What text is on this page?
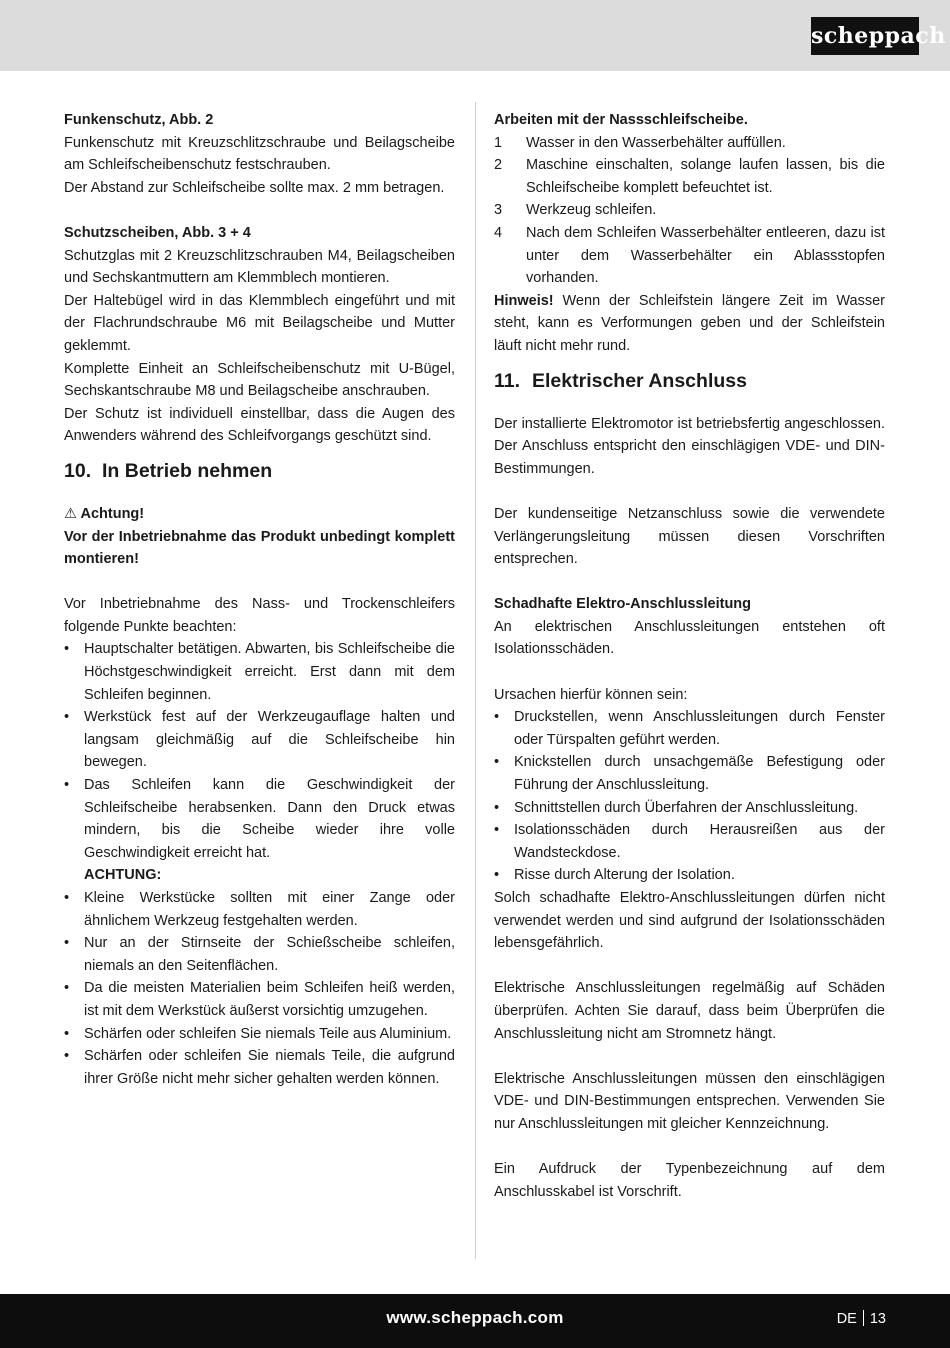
scheppach

Funkenschutz, Abb. 2

Funkenschutz mit Kreuzschlitzschraube und Beilagscheibe am Schleifscheibenschutz festschrauben.

Der Abstand zur Schleifscheibe sollte max. 2 mm betragen.

Schutzscheiben, Abb. 3 + 4

Schutzglas mit 2 Kreuzschlitzschrauben M4, Beilagscheiben und Sechskantmuttern am Klemmblech montieren.

Der Haltebügel wird in das Klemmblech eingeführt und mit der Flachrundschraube M6 mit Beilagscheibe und Mutter geklemmt.

Komplette Einheit an Schleifscheibenschutz mit U-Bügel, Sechskantschraube M8 und Beilagscheibe anschrauben.

Der Schutz ist individuell einstellbar, dass die Augen des Anwenders während des Schleifvorgangs geschützt sind.

10. In Betrieb nehmen

⚠ Achtung!

Vor der Inbetriebnahme das Produkt unbedingt komplett montieren!

Vor Inbetriebnahme des Nass- und Trockenschleifers folgende Punkte beachten:

• Hauptschalter betätigen. Abwarten, bis Schleifscheibe die Höchstgeschwindigkeit erreicht. Erst dann mit dem Schleifen beginnen.
• Werkstück fest auf der Werkzeugauflage halten und langsam gleichmäßig auf die Schleifscheibe hin bewegen.
• Das Schleifen kann die Geschwindigkeit der Schleifscheibe herabsenken. Dann den Druck etwas mindern, bis die Scheibe wieder ihre volle Geschwindigkeit erreicht hat.

ACHTUNG:

• Kleine Werkstücke sollten mit einer Zange oder ähnlichem Werkzeug festgehalten werden.
• Nur an der Stirnseite der Schießscheibe schleifen, niemals an den Seitenflächen.
• Da die meisten Materialien beim Schleifen heiß werden, ist mit dem Werkstück äußerst vorsichtig umzugehen.
• Schärfen oder schleifen Sie niemals Teile aus Aluminium.
• Schärfen oder schleifen Sie niemals Teile, die aufgrund ihrer Größe nicht mehr sicher gehalten werden können.

Arbeiten mit der Nassschleifscheibe.

1	Wasser in den Wasserbehälter auffüllen.
2	Maschine einschalten, solange laufen lassen, bis die Schleifscheibe komplett befeuchtet ist.
3	Werkzeug schleifen.
4	Nach dem Schleifen Wasserbehälter entleeren, dazu ist unter dem Wasserbehälter ein Ablassstopfen vorhanden.

Hinweis! Wenn der Schleifstein längere Zeit im Wasser steht, kann es Verformungen geben und der Schleifstein läuft nicht mehr rund.

11. Elektrischer Anschluss

Der installierte Elektromotor ist betriebsfertig angeschlossen. Der Anschluss entspricht den einschlägigen VDE- und DIN-Bestimmungen.

Der kundenseitige Netzanschluss sowie die verwendete Verlängerungsleitung müssen diesen Vorschriften entsprechen.

Schadhafte Elektro-Anschlussleitung

An elektrischen Anschlussleitungen entstehen oft Isolationsschäden.

Ursachen hierfür können sein:

• Druckstellen, wenn Anschlussleitungen durch Fenster oder Türspalten geführt werden.
• Knickstellen durch unsachgemäße Befestigung oder Führung der Anschlussleitung.
• Schnittstellen durch Überfahren der Anschlussleitung.
• Isolationsschäden durch Herausreißen aus der Wandsteckdose.
• Risse durch Alterung der Isolation.

Solch schadhafte Elektro-Anschlussleitungen dürfen nicht verwendet werden und sind aufgrund der Isolationsschäden lebensgefährlich.

Elektrische Anschlussleitungen regelmäßig auf Schäden überprüfen. Achten Sie darauf, dass beim Überprüfen die Anschlussleitung nicht am Stromnetz hängt.

Elektrische Anschlussleitungen müssen den einschlägigen VDE- und DIN-Bestimmungen entsprechen. Verwenden Sie nur Anschlussleitungen mit gleicher Kennzeichnung.

Ein Aufdruck der Typenbezeichnung auf dem Anschlusskabel ist Vorschrift.

www.scheppach.com	DE 13
